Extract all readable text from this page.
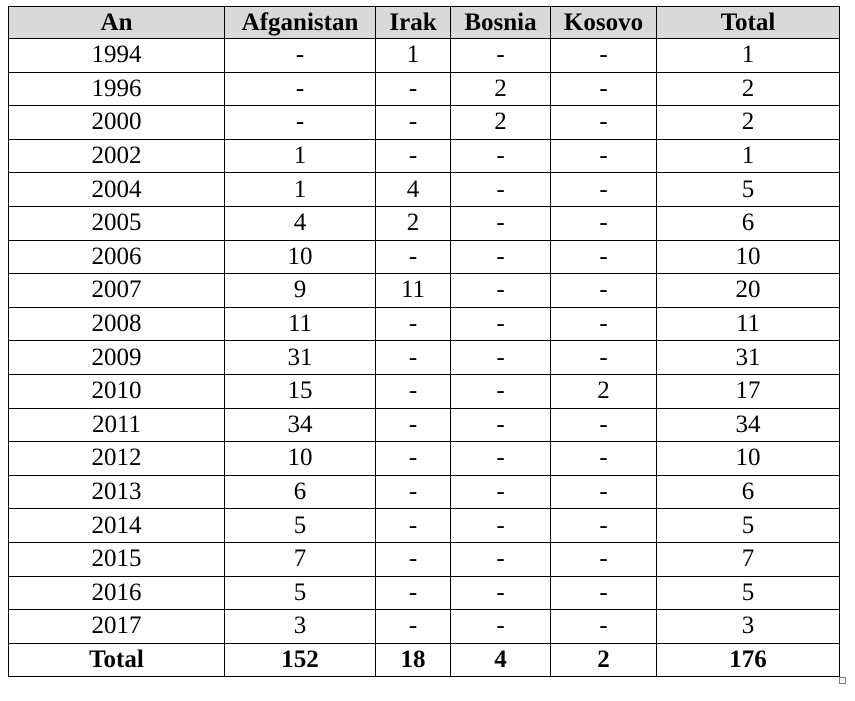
An	Afganistan	Irak	Bosnia	Kosovo	Total
1994	-	1	-	-	1
1996	-	-	2	-	2
2000	-	-	2	-	2
2002	1	-	-	-	1
2004	1	4	-	-	5
2005	4	2	-	-	6
2006	10	-	-	-	10
2007	9	11	-	-	20
2008	11	-	-	-	11
2009	31	-	-	-	31
2010	15	-	-	2	17
2011	34	-	-	-	34
2012	10	-	-	-	10
2013	6	-	-	-	6
2014	5	-	-	-	5
2015	7	-	-	-	7
2016	5	-	-	-	5
2017	3	-	-	-	3
Total	152	18	4	2	176
